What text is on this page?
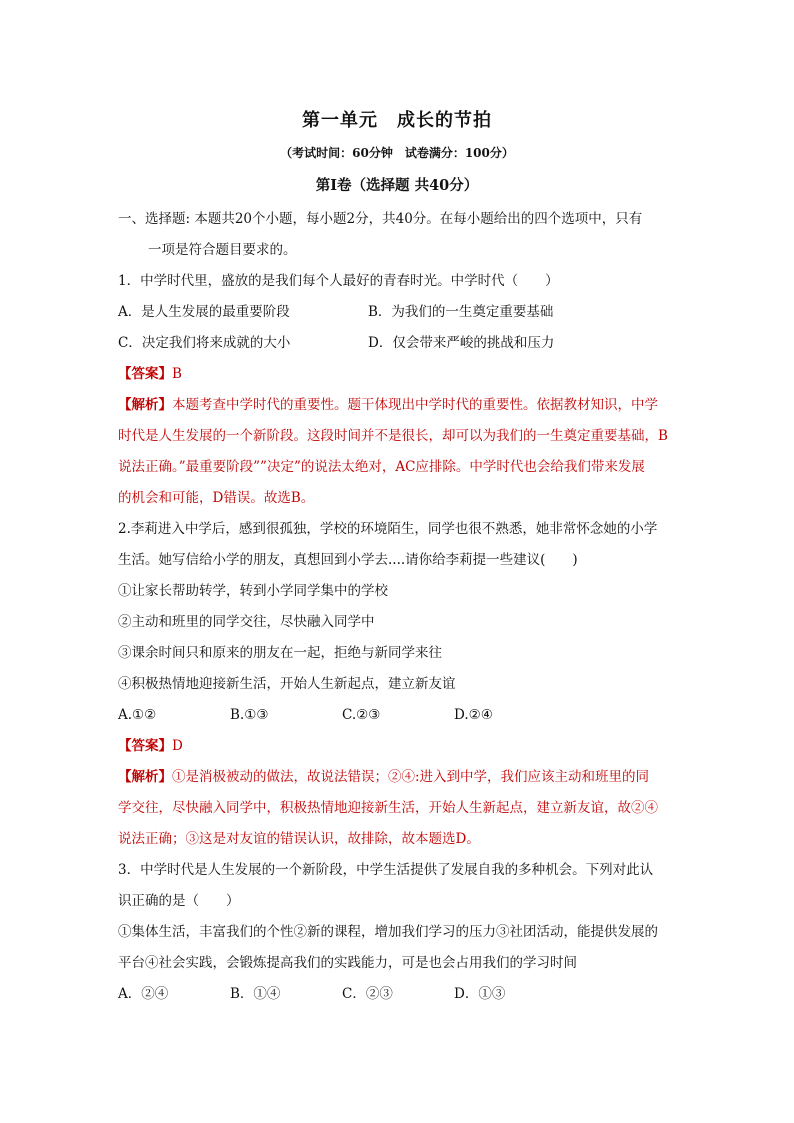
第一单元　成长的节拍
（考试时间：60分钟　试卷满分：100分）
第Ⅰ卷（选择题 共40分）

一、选择题: 本题共20个小题，每小题2分，共40分。在每小题给出的四个选项中，只有

一项是符合题目要求的。

1．中学时代里，盛放的是我们每个人最好的青春时光。中学时代（　　）

A．是人生发展的最重要阶段	B．为我们的一生奠定重要基础
C．决定我们将来成就的大小	D．仅会带来严峻的挑战和压力

【答案】B

【解析】本题考查中学时代的重要性。题干体现出中学时代的重要性。依据教材知识，中学

时代是人生发展的一个新阶段。这段时间并不是很长，却可以为我们的一生奠定重要基础，B

说法正确。”最重要阶段””决定”的说法太绝对，AC应排除。中学时代也会给我们带来发展

的机会和可能，D错误。故选B。

2.李莉进入中学后，感到很孤独，学校的环境陌生，同学也很不熟悉，她非常怀念她的小学

生活。她写信给小学的朋友，真想回到小学去....请你给李莉提一些建议(　　)

①让家长帮助转学，转到小学同学集中的学校

②主动和班里的同学交往，尽快融入同学中

③课余时间只和原来的朋友在一起，拒绝与新同学来往

④积极热情地迎接新生活，开始人生新起点，建立新友谊

A.①②	B.①③	C.②③	D.②④

【答案】D

【解析】①是消极被动的做法，故说法错误；②④:进入到中学，我们应该主动和班里的同

学交往，尽快融入同学中，积极热情地迎接新生活，开始人生新起点，建立新友谊，故②④

说法正确；③这是对友谊的错误认识，故排除，故本题选D。

3．中学时代是人生发展的一个新阶段，中学生活提供了发展自我的多种机会。下列对此认

识正确的是（　　）

①集体生活，丰富我们的个性②新的课程，增加我们学习的压力③社团活动，能提供发展的

平台④社会实践，会锻炼提高我们的实践能力，可是也会占用我们的学习时间

A．②④	B．①④	C．②③	D．①③
